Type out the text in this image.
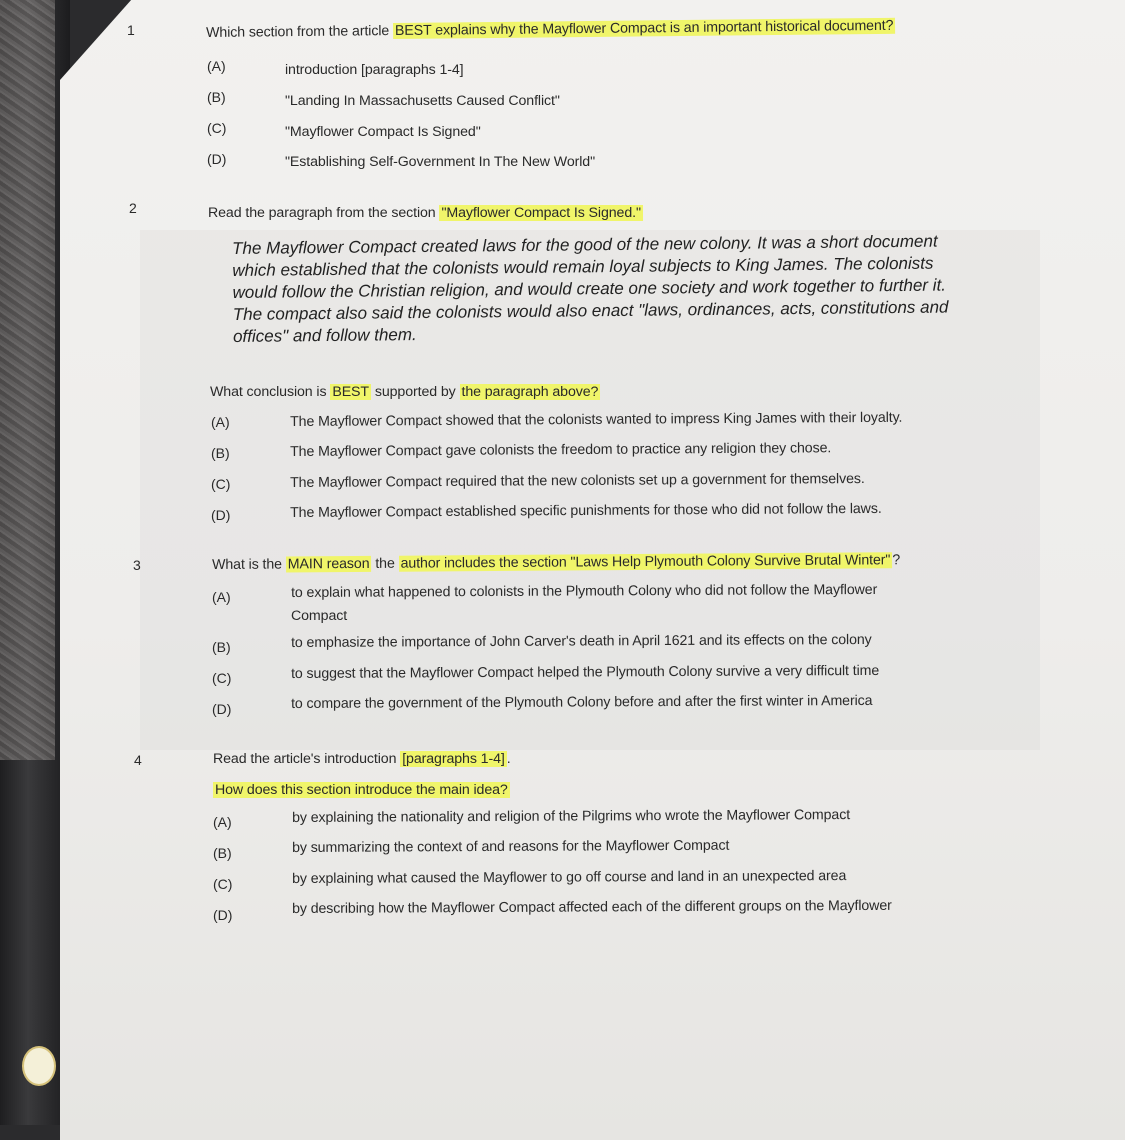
1	Which section from the article BEST explains why the Mayflower Compact is an important historical document?
(A)	introduction [paragraphs 1-4]
(B)	"Landing In Massachusetts Caused Conflict"
(C)	"Mayflower Compact Is Signed"
(D)	"Establishing Self-Government In The New World"
2	Read the paragraph from the section "Mayflower Compact Is Signed."
The Mayflower Compact created laws for the good of the new colony. It was a short document
which established that the colonists would remain loyal subjects to King James. The colonists
would follow the Christian religion, and would create one society and work together to further it.
The compact also said the colonists would also enact "laws, ordinances, acts, constitutions and
offices" and follow them.
What conclusion is BEST supported by the paragraph above?
(A)	The Mayflower Compact showed that the colonists wanted to impress King James with their loyalty.
(B)	The Mayflower Compact gave colonists the freedom to practice any religion they chose.
(C)	The Mayflower Compact required that the new colonists set up a government for themselves.
(D)	The Mayflower Compact established specific punishments for those who did not follow the laws.
3	What is the MAIN reason the author includes the section "Laws Help Plymouth Colony Survive Brutal Winter" ?
(A)	to explain what happened to colonists in the Plymouth Colony who did not follow the Mayflower
Compact
(B)	to emphasize the importance of John Carver's death in April 1621 and its effects on the colony
(C)	to suggest that the Mayflower Compact helped the Plymouth Colony survive a very difficult time
(D)	to compare the government of the Plymouth Colony before and after the first winter in America
4	Read the article's introduction [paragraphs 1-4] .
How does this section introduce the main idea?
(A)	by explaining the nationality and religion of the Pilgrims who wrote the Mayflower Compact
(B)	by summarizing the context of and reasons for the Mayflower Compact
(C)	by explaining what caused the Mayflower to go off course and land in an unexpected area
(D)	by describing how the Mayflower Compact affected each of the different groups on the Mayflower
